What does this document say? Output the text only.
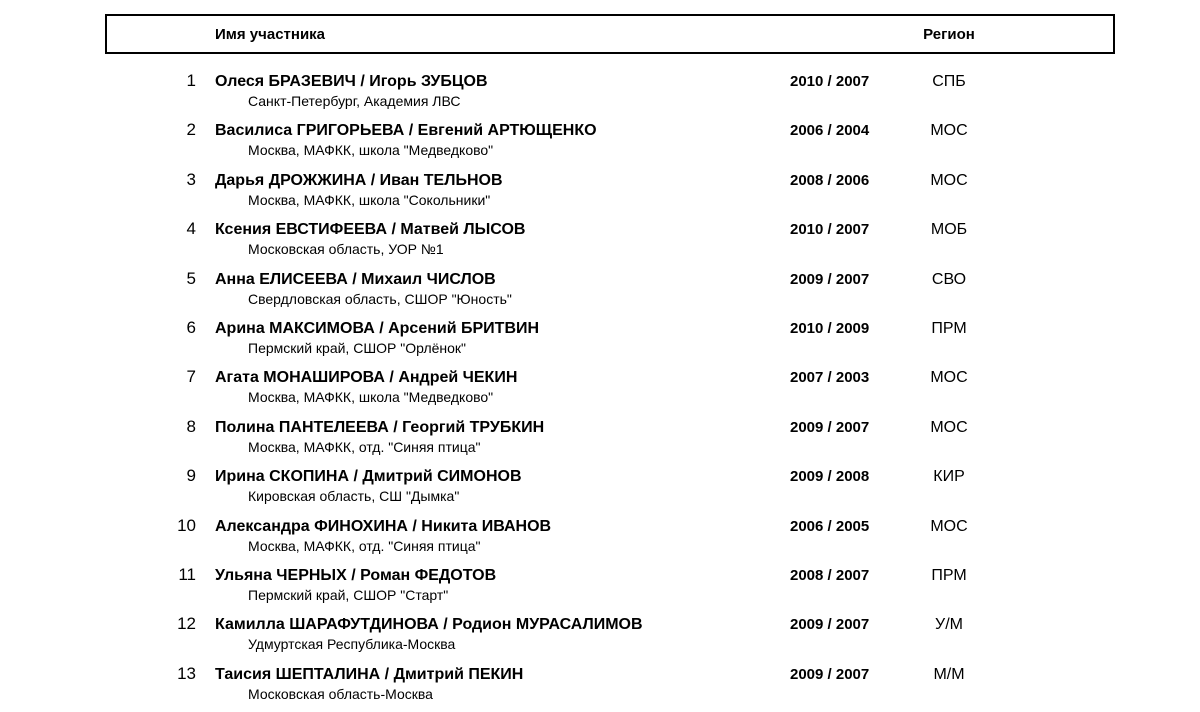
Имя участника	Регион
1 Олеся БРАЗЕВИЧ / Игорь ЗУБЦОВ
Санкт-Петербург, Академия ЛВС
2010 / 2007	СПБ
2 Василиса ГРИГОРЬЕВА / Евгений АРТЮЩЕНКО
Москва, МАФКК, школа "Медведково"
2006 / 2004	МОС
3 Дарья ДРОЖЖИНА / Иван ТЕЛЬНОВ
Москва, МАФКК, школа "Сокольники"
2008 / 2006	МОС
4 Ксения ЕВСТИФЕЕВА / Матвей ЛЫСОВ
Московская область, УОР №1
2010 / 2007	МОБ
5 Анна ЕЛИСЕЕВА / Михаил ЧИСЛОВ
Свердловская область, СШОР "Юность"
2009 / 2007	СВО
6 Арина МАКСИМОВА / Арсений БРИТВИН
Пермский край, СШОР "Орлёнок"
2010 / 2009	ПРМ
7 Агата МОНАШИРОВА / Андрей ЧЕКИН
Москва, МАФКК, школа "Медведково"
2007 / 2003	МОС
8 Полина ПАНТЕЛЕЕВА / Георгий ТРУБКИН
Москва, МАФКК, отд. "Синяя птица"
2009 / 2007	МОС
9 Ирина СКОПИНА / Дмитрий СИМОНОВ
Кировская область, СШ "Дымка"
2009 / 2008	КИР
10 Александра ФИНОХИНА / Никита ИВАНОВ
Москва, МАФКК, отд. "Синяя птица"
2006 / 2005	МОС
11 Ульяна ЧЕРНЫХ / Роман ФЕДОТОВ
Пермский край, СШОР "Старт"
2008 / 2007	ПРМ
12 Камилла ШАРАФУТДИНОВА / Родион МУРАСАЛИМОВ
Удмуртская Республика-Москва
2009 / 2007	У/М
13 Таисия ШЕПТАЛИНА / Дмитрий ПЕКИН
Московская область-Москва
2009 / 2007	М/М
